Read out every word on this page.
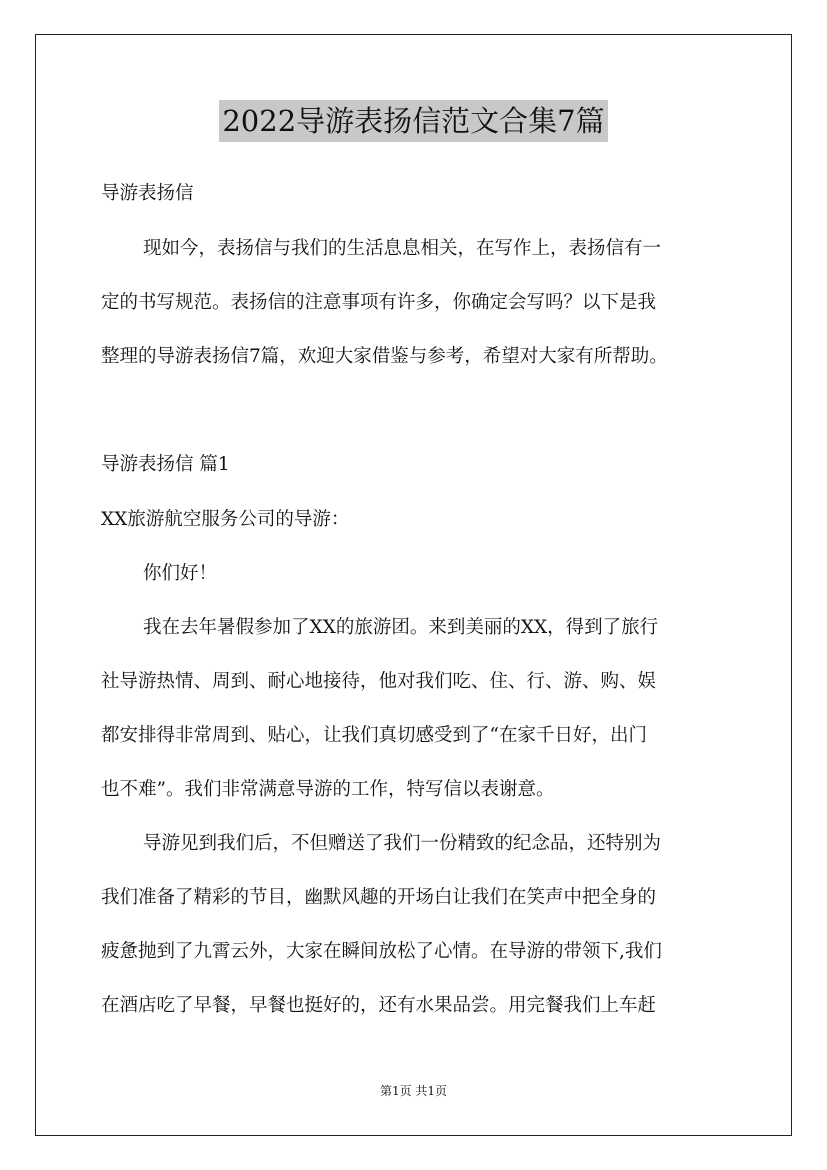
2022导游表扬信范文合集7篇
导游表扬信
现如今，表扬信与我们的生活息息相关，在写作上，表扬信有一
定的书写规范。表扬信的注意事项有许多，你确定会写吗？以下是我
整理的导游表扬信7篇，欢迎大家借鉴与参考，希望对大家有所帮助。
导游表扬信 篇1
XX旅游航空服务公司的导游：
你们好！
我在去年暑假参加了XX的旅游团。来到美丽的XX，得到了旅行
社导游热情、周到、耐心地接待，他对我们吃、住、行、游、购、娱
都安排得非常周到、贴心，让我们真切感受到了“在家千日好，出门
也不难”。我们非常满意导游的工作，特写信以表谢意。
导游见到我们后，不但赠送了我们一份精致的纪念品，还特别为
我们准备了精彩的节目，幽默风趣的开场白让我们在笑声中把全身的
疲惫抛到了九霄云外，大家在瞬间放松了心情。在导游的带领下,我们
在酒店吃了早餐，早餐也挺好的，还有水果品尝。用完餐我们上车赶
第1页 共1页
